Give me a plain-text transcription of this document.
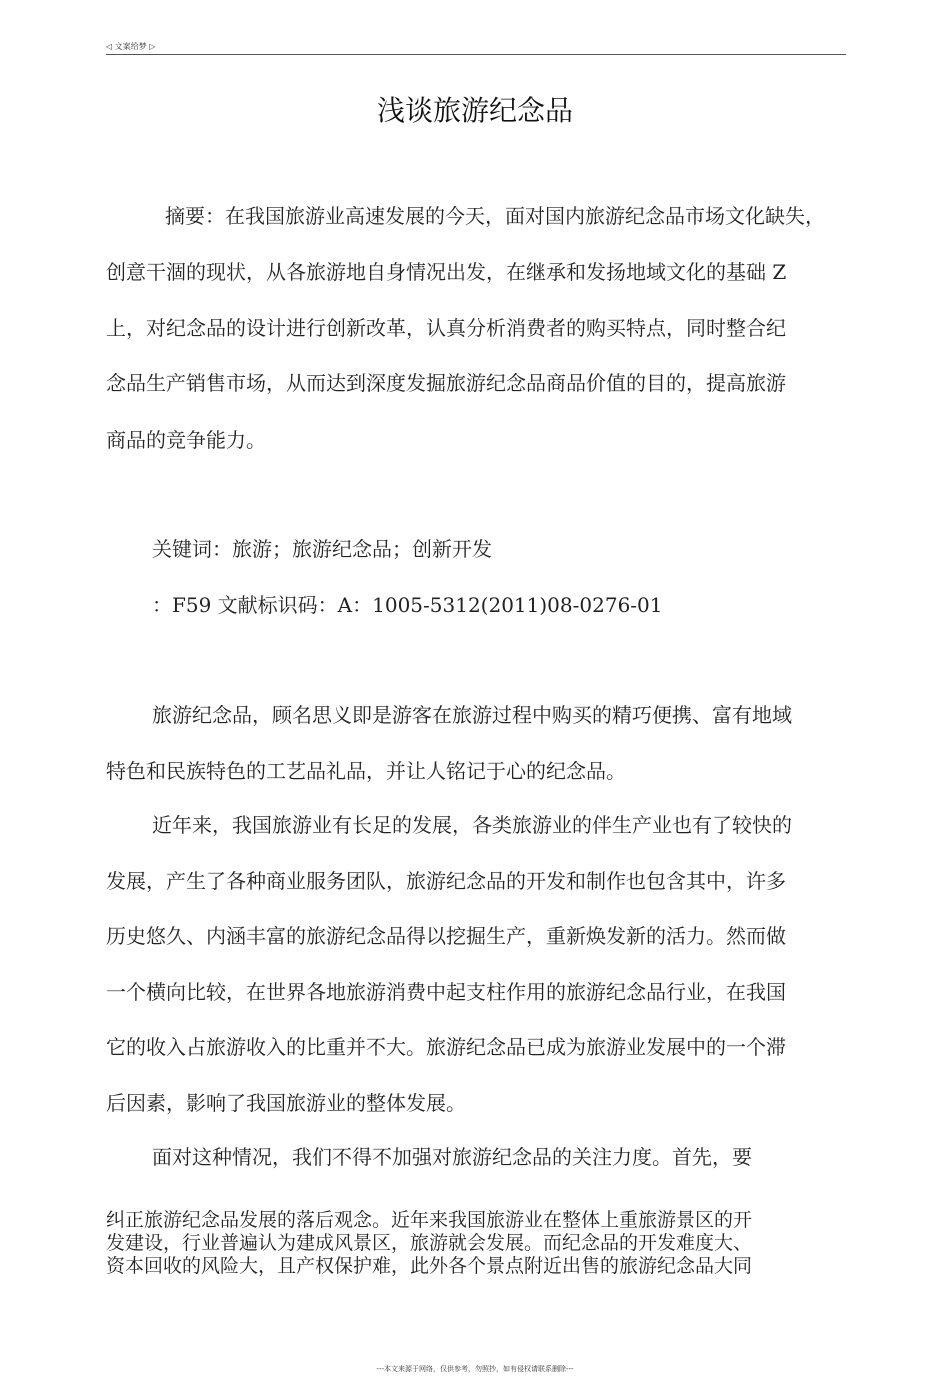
◁ 文案给梦 ▷
浅谈旅游纪念品
摘要：在我国旅游业高速发展的今天，面对国内旅游纪念品市场文化缺失，
创意干涸的现状，从各旅游地自身情况出发，在继承和发扬地域文化的基础 Z
上，对纪念品的设计进行创新改革，认真分析消费者的购买特点，同时整合纪
念品生产销售市场，从而达到深度发掘旅游纪念品商品价值的目的，提高旅游
商品的竞争能力。
关键词：旅游；旅游纪念品；创新开发
：F59 文献标识码：A：1005-5312(2011)08-0276-01
旅游纪念品，顾名思义即是游客在旅游过程中购买的精巧便携、富有地域
特色和民族特色的工艺品礼品，并让人铭记于心的纪念品。
近年来，我国旅游业有长足的发展，各类旅游业的伴生产业也有了较快的
发展，产生了各种商业服务团队，旅游纪念品的开发和制作也包含其中，许多
历史悠久、内涵丰富的旅游纪念品得以挖掘生产，重新焕发新的活力。然而做
一个横向比较，在世界各地旅游消费中起支柱作用的旅游纪念品行业，在我国
它的收入占旅游收入的比重并不大。旅游纪念品已成为旅游业发展中的一个滞
后因素，影响了我国旅游业的整体发展。
面对这种情况，我们不得不加强对旅游纪念品的关注力度。首先，要
纠正旅游纪念品发展的落后观念。近年来我国旅游业在整体上重旅游景区的开
发建设，行业普遍认为建成风景区，旅游就会发展。而纪念品的开发难度大、
资本回收的风险大，且产权保护难，此外各个景点附近出售的旅游纪念品大同
---本文来源于网络，仅供参考，勿照抄，如有侵权请联系删除---
